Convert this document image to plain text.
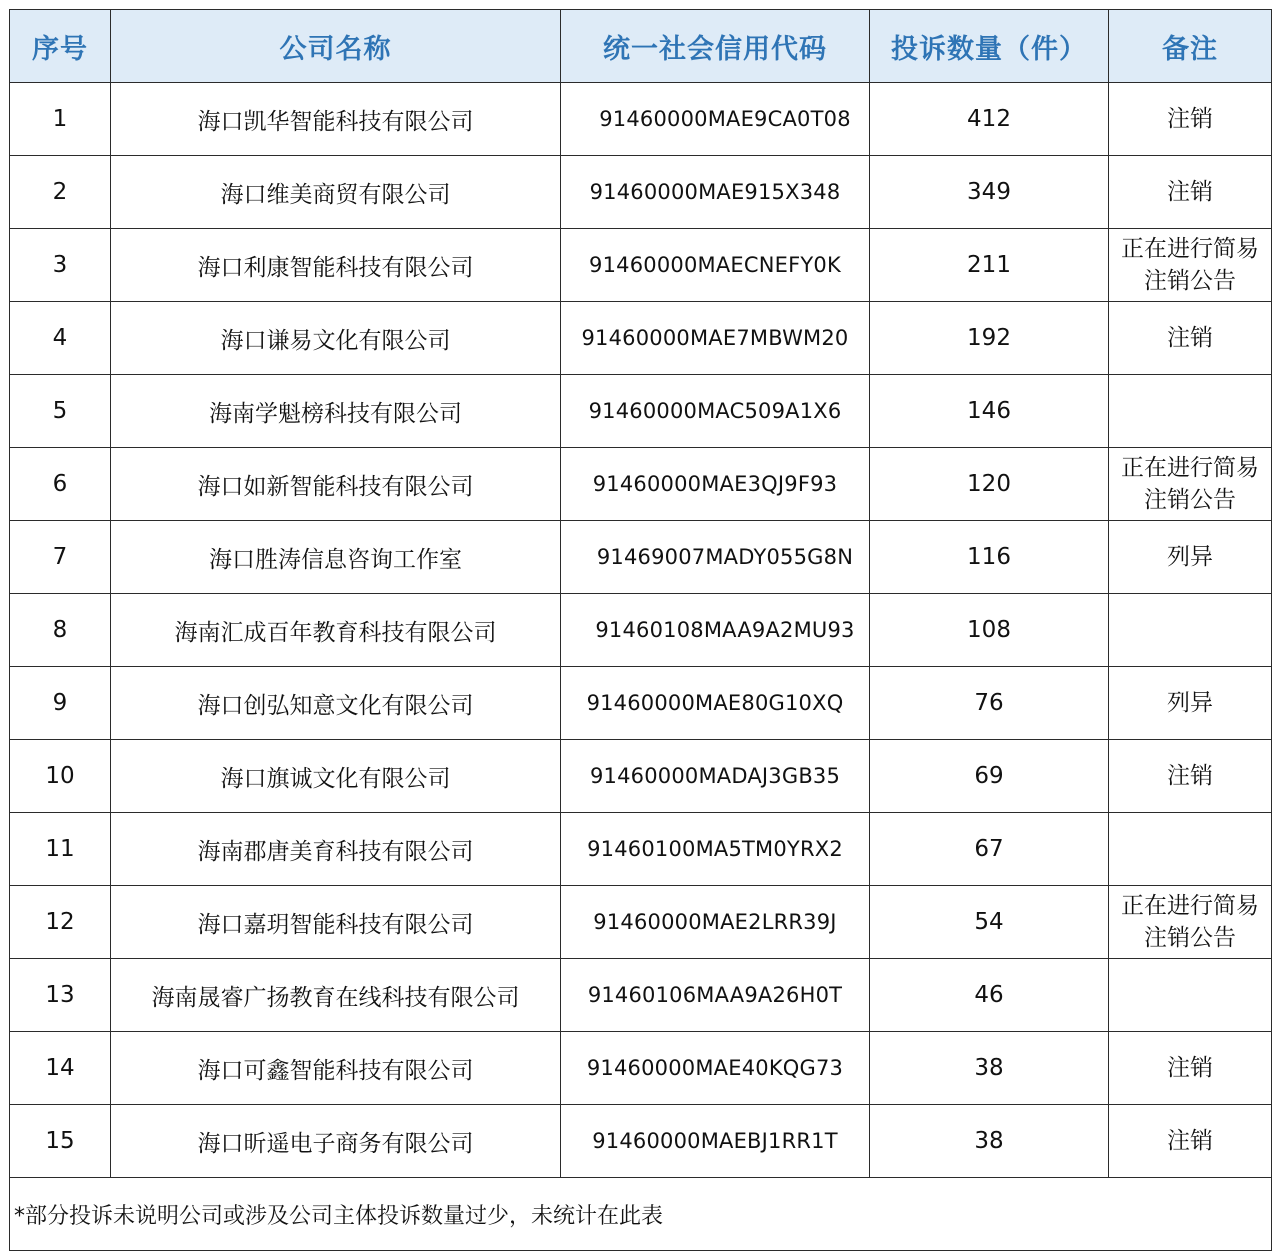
序号	公司名称	统一社会信用代码	投诉数量（件）	备注
1	海口凯华智能科技有限公司	91460000MAE9CA0T08	412	注销
2	海口维美商贸有限公司	91460000MAE915X348	349	注销
3	海口利康智能科技有限公司	91460000MAECNEFY0K	211	正在进行简易注销公告
4	海口谦易文化有限公司	91460000MAE7MBWM20	192	注销
5	海南学魁榜科技有限公司	91460000MAC509A1X6	146	
6	海口如新智能科技有限公司	91460000MAE3QJ9F93	120	正在进行简易注销公告
7	海口胜涛信息咨询工作室	91469007MADY055G8N	116	列异
8	海南汇成百年教育科技有限公司	91460108MAA9A2MU93	108	
9	海口创弘知意文化有限公司	91460000MAE80G10XQ	76	列异
10	海口旗诚文化有限公司	91460000MADAJ3GB35	69	注销
11	海南郡唐美育科技有限公司	91460100MA5TM0YRX2	67	
12	海口嘉玥智能科技有限公司	91460000MAE2LRR39J	54	正在进行简易注销公告
13	海南晟睿广扬教育在线科技有限公司	91460106MAA9A26H0T	46	
14	海口可鑫智能科技有限公司	91460000MAE40KQG73	38	注销
15	海口昕遥电子商务有限公司	91460000MAEBJ1RR1T	38	注销
*部分投诉未说明公司或涉及公司主体投诉数量过少，未统计在此表				
